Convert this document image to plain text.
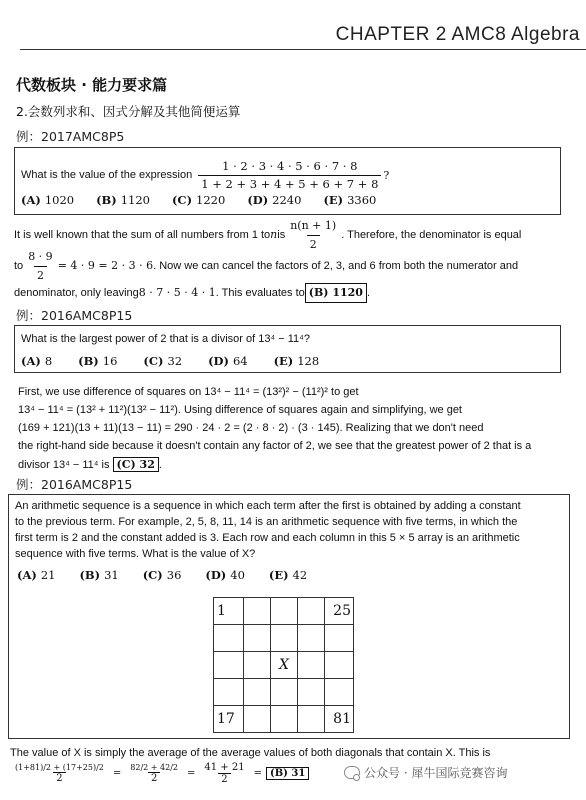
CHAPTER 2 AMC8 Algebra
代数板块 · 能力要求篇
2.会数列求和、因式分解及其他简便运算
例：2017AMC8P5
What is the value of the expression $\frac{1 \cdot 2 \cdot 3 \cdot 4 \cdot 5 \cdot 6 \cdot 7 \cdot 8}{1 + 2 + 3 + 4 + 5 + 6 + 7 + 8}$ ?
(A) 1020 (B) 1120 (C) 1220 (D) 2240 (E) 3360
It is well known that the sum of all numbers from 1 to n is $\frac{n(n + 1)}{2}$ . Therefore, the denominator is equal
to $\frac{8 \cdot 9}{2} = 4 \cdot 9 = 2 \cdot 3 \cdot 6$ . Now we can cancel the factors of 2, 3, and 6 from both the numerator and
denominator, only leaving 8 · 7 · 5 · 4 · 1 . This evaluates to (B) 1120 .
例：2016AMC8P15
What is the largest power of 2 that is a divisor of 13⁴ − 11⁴?
(A) 8 (B) 16 (C) 32 (D) 64 (E) 128
First, we use difference of squares on 13⁴ − 11⁴ = (13²)² − (11²)² to get
13⁴ − 11⁴ = (13² + 11²)(13² − 11²). Using difference of squares again and simplifying, we get
(169 + 121)(13 + 11)(13 − 11) = 290 · 24 · 2 = (2 · 8 · 2) · (3 · 145). Realizing that we don't need
the right-hand side because it doesn't contain any factor of 2, we see that the greatest power of 2 that is a
divisor 13⁴ − 11⁴ is (C) 32 .
例：2016AMC8P15
An arithmetic sequence is a sequence in which each term after the first is obtained by adding a constant
to the previous term. For example, 2, 5, 8, 11, 14 is an arithmetic sequence with five terms, in which the
first term is 2 and the constant added is 3. Each row and each column in this 5 × 5 array is an arithmetic
sequence with five terms. What is the value of X?
(A) 21 (B) 31 (C) 36 (D) 40 (E) 42
1				25

		X		

17				81
The value of X is simply the average of the average values of both diagonals that contain X. This is
$\frac{(1+81)/2 + (17+25)/2}{2} = \frac{82/2 + 42/2}{2} = \frac{41 + 21}{2} = (B)$ 31	公众号 · 犀牛国际竞赛咨询
